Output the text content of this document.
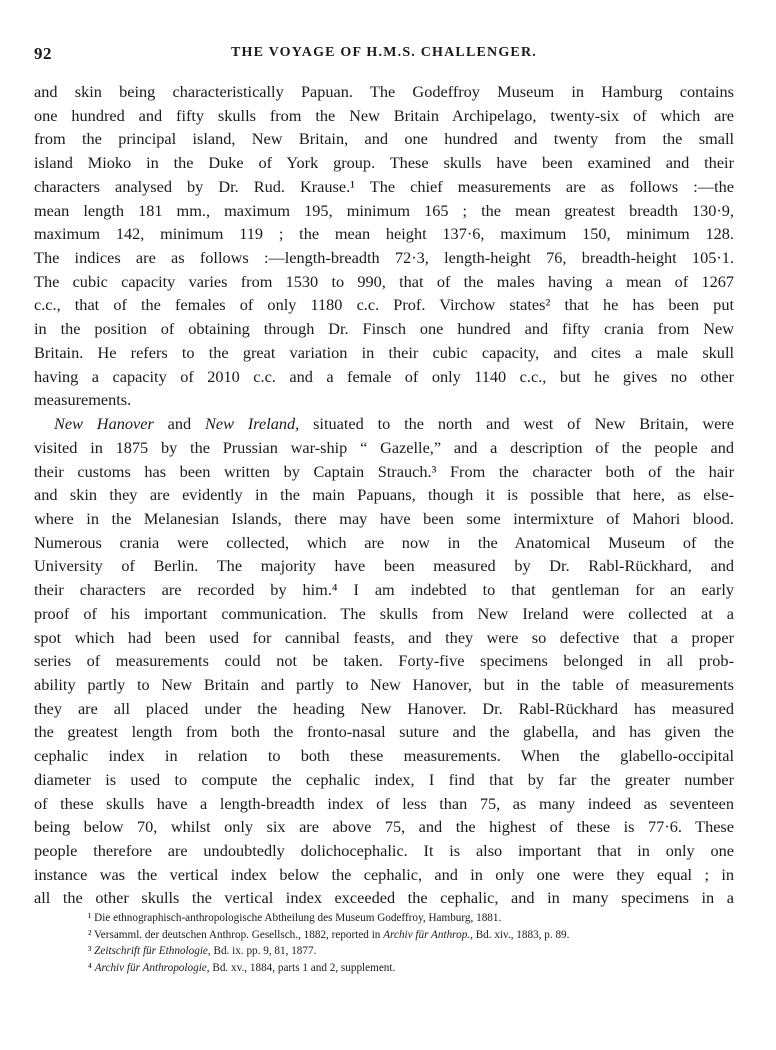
92	THE VOYAGE OF H.M.S. CHALLENGER.
and skin being characteristically Papuan. The Godeffroy Museum in Hamburg contains
one hundred and fifty skulls from the New Britain Archipelago, twenty-six of which are
from the principal island, New Britain, and one hundred and twenty from the small
island Mioko in the Duke of York group. These skulls have been examined and their
characters analysed by Dr. Rud. Krause.¹ The chief measurements are as follows :—the
mean length 181 mm., maximum 195, minimum 165 ; the mean greatest breadth 130·9,
maximum 142, minimum 119 ; the mean height 137·6, maximum 150, minimum 128.
The indices are as follows :—length-breadth 72·3, length-height 76, breadth-height 105·1.
The cubic capacity varies from 1530 to 990, that of the males having a mean of 1267
c.c., that of the females of only 1180 c.c. Prof. Virchow states² that he has been put
in the position of obtaining through Dr. Finsch one hundred and fifty crania from New
Britain. He refers to the great variation in their cubic capacity, and cites a male skull
having a capacity of 2010 c.c. and a female of only 1140 c.c., but he gives no other
measurements.
New Hanover and New Ireland, situated to the north and west of New Britain, were
visited in 1875 by the Prussian war-ship “ Gazelle,” and a description of the people and
their customs has been written by Captain Strauch.³ From the character both of the hair
and skin they are evidently in the main Papuans, though it is possible that here, as else-
where in the Melanesian Islands, there may have been some intermixture of Mahori blood.
Numerous crania were collected, which are now in the Anatomical Museum of the
University of Berlin. The majority have been measured by Dr. Rabl-Rückhard, and
their characters are recorded by him.⁴ I am indebted to that gentleman for an early
proof of his important communication. The skulls from New Ireland were collected at a
spot which had been used for cannibal feasts, and they were so defective that a proper
series of measurements could not be taken. Forty-five specimens belonged in all prob-
ability partly to New Britain and partly to New Hanover, but in the table of measurements
they are all placed under the heading New Hanover. Dr. Rabl-Rückhard has measured
the greatest length from both the fronto-nasal suture and the glabella, and has given the
cephalic index in relation to both these measurements. When the glabello-occipital
diameter is used to compute the cephalic index, I find that by far the greater number
of these skulls have a length-breadth index of less than 75, as many indeed as seventeen
being below 70, whilst only six are above 75, and the highest of these is 77·6. These
people therefore are undoubtedly dolichocephalic. It is also important that in only one
instance was the vertical index below the cephalic, and in only one were they equal ; in
all the other skulls the vertical index exceeded the cephalic, and in many specimens in a
¹ Die ethnographisch-anthropologische Abtheilung des Museum Godeffroy, Hamburg, 1881.
² Versamml. der deutschen Anthrop. Gesellsch., 1882, reported in Archiv für Anthrop., Bd. xiv., 1883, p. 89.
³ Zeitschrift für Ethnologie, Bd. ix. pp. 9, 81, 1877.
⁴ Archiv für Anthropologie, Bd. xv., 1884, parts 1 and 2, supplement.
